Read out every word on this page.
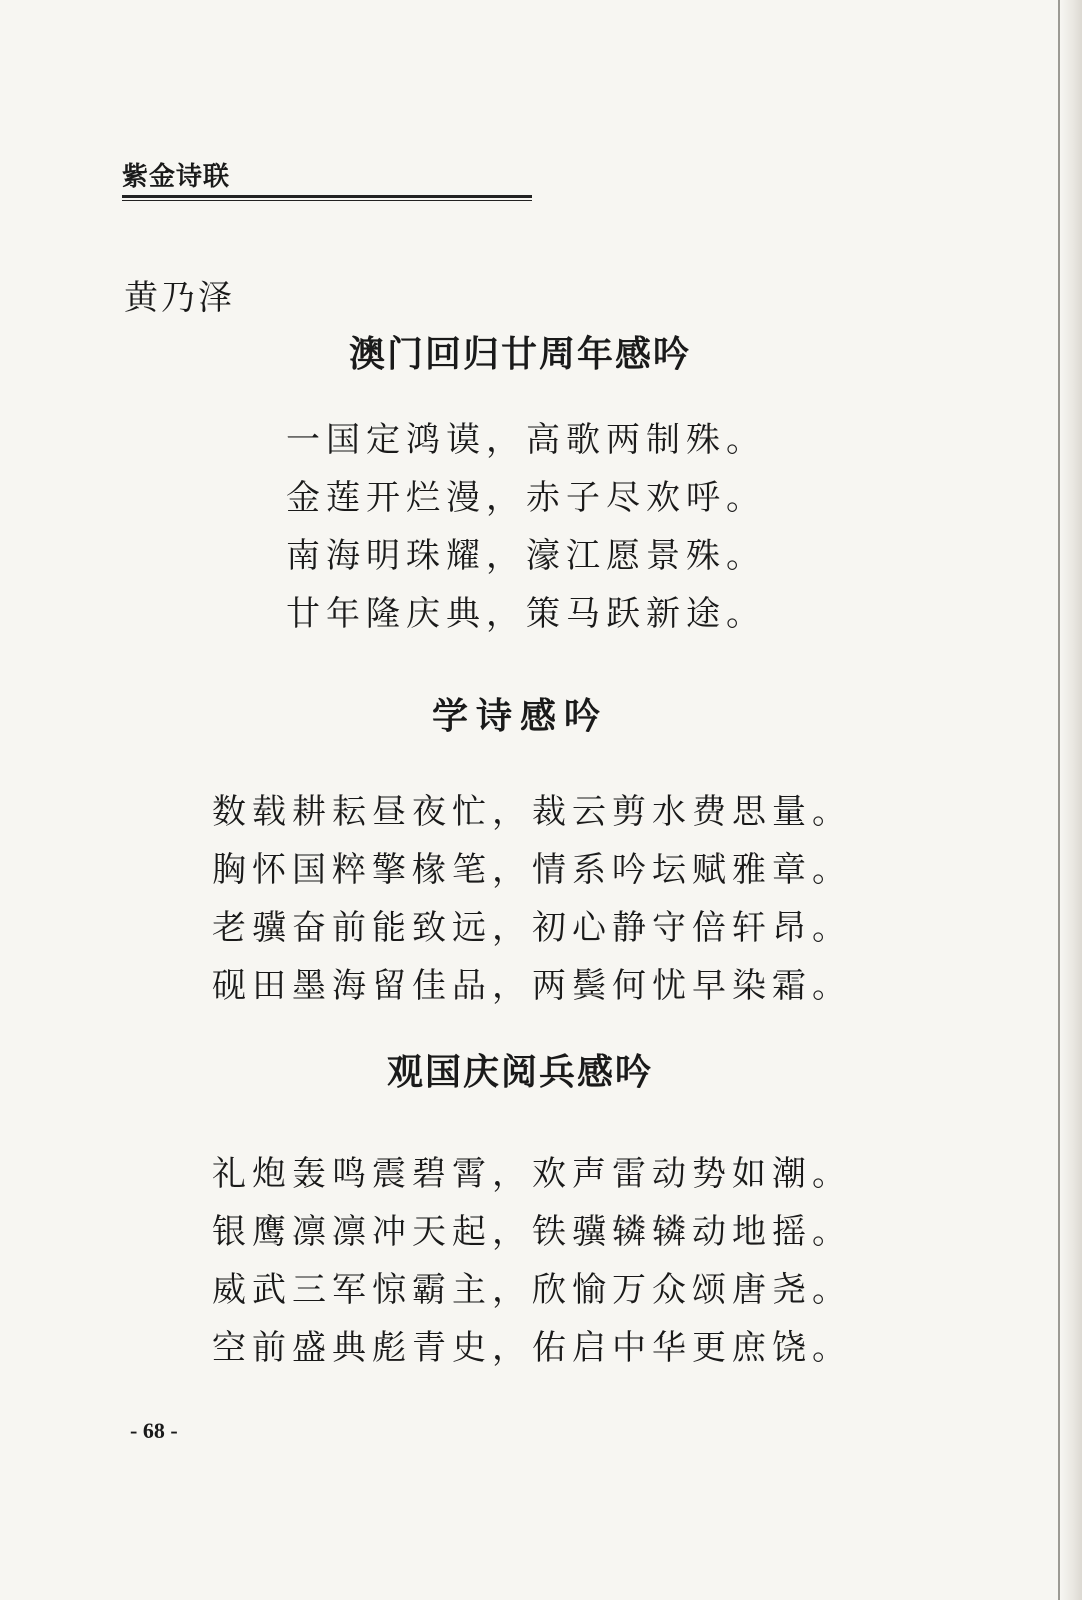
紫金诗联
黄乃泽
澳门回归廿周年感吟
一国定鸿谟，高歌两制殊。
金莲开烂漫，赤子尽欢呼。
南海明珠耀，濠江愿景殊。
廿年隆庆典，策马跃新途。
学诗感吟
数载耕耘昼夜忙，裁云剪水费思量。
胸怀国粹擎椽笔，情系吟坛赋雅章。
老骥奋前能致远，初心静守倍轩昂。
砚田墨海留佳品，两鬓何忧早染霜。
观国庆阅兵感吟
礼炮轰鸣震碧霄，欢声雷动势如潮。
银鹰凛凛冲天起，铁骥辚辚动地摇。
威武三军惊霸主，欣愉万众颂唐尧。
空前盛典彪青史，佑启中华更庶饶。
- 68 -
